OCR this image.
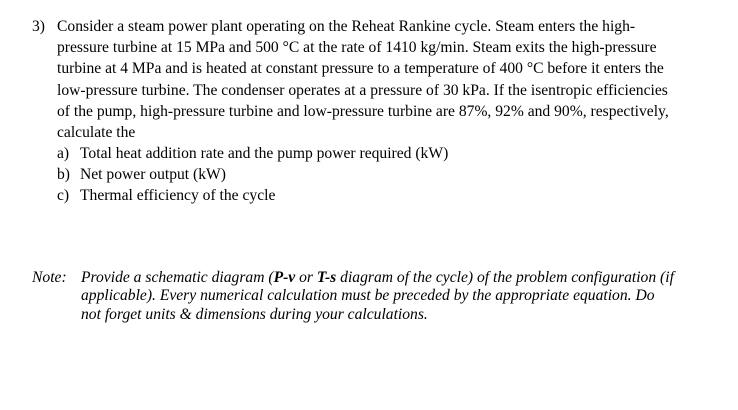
3) Consider a steam power plant operating on the Reheat Rankine cycle. Steam enters the high-
pressure turbine at 15 MPa and 500 °C at the rate of 1410 kg/min. Steam exits the high-pressure
turbine at 4 MPa and is heated at constant pressure to a temperature of 400 °C before it enters the
low-pressure turbine. The condenser operates at a pressure of 30 kPa. If the isentropic efficiencies
of the pump, high-pressure turbine and low-pressure turbine are 87%, 92% and 90%, respectively,
calculate the
a) Total heat addition rate and the pump power required (kW)
b) Net power output (kW)
c) Thermal efficiency of the cycle
Note: Provide a schematic diagram (P-v or T-s diagram of the cycle) of the problem configuration (if
applicable). Every numerical calculation must be preceded by the appropriate equation. Do
not forget units & dimensions during your calculations.
